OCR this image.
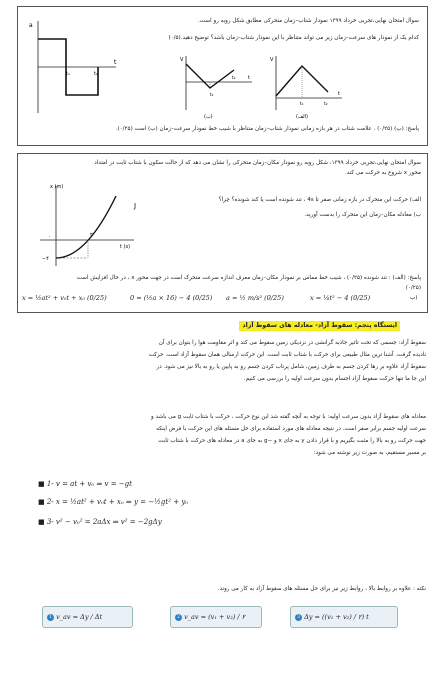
سوال امتحان نهایی،تجربی خرداد ۱۳۹۹ نمودار شتاب–زمان متحرکی مطابق شکل روبه رو است.
کدام یک از نمودار های سرعت–زمان زیر می تواند متناظر با این نمودار شتاب–زمان باشد؟ توضیح دهید.(۰/۵)
a
t
t₁	t₂
V
t
t₁
t₂
(ب)
V
t
t₁	t₂
(الف)
پاسخ: (ب) (۰/۲۵) . علامت شتاب در هر بازه زمانی نمودار شتاب–زمان متناظر با شیب خط نمودار سرعت–زمان (ب) است (۰/۲۵).
سوال امتحان نهایی،تجربی خرداد ۱۳۹۹، شکل روبه رو نمودار مکان–زمان متحرکی را نشان می دهد که از حالت سکون با شتاب ثابت در امتداد
محور x شروع به حرکت می کند.
x (m)
t (s)
J
۰
−۴
۲
الف) حرکت این متحرک در بازه زمانی صفر تا 4s ، تند شونده است یا کند شونده؟ چرا؟
ب) معادله مکان–زمان این متحرک را بدست آورید.
پاسخ: (الف) : تند شونده (۰/۲۵) ، شیب خط مماس بر نمودار مکان–زمان معرف اندازه سرعت متحرک است در جهت محور x ، در حال افزایش است
(۰/۲۵)
x = ½at² + v₀t + x₀ (0/25)	0 = (½a × 16) − 4 (0/25) a = ½ m/s² (0/25)	x = ¼t² − 4 (0/25)	ب)
ایستگاه پنجم: سقوط آزاد- معادله های سقوط آزاد
سقوط آزاد: جسمی که تحت تاثیر جاذبه گرانشی در نزدیکی زمین سقوط می کند و اثر مقاومت هوا را بتوان برای آن
نادیده گرفت. آشنا ترین مثال طبیعی برای حرکت با شتاب ثابت است. این حرکت ارسالی همان سقوط آزاد است. حرکت
سقوط آزاد علاوه بر رها کردن جسم به طرف زمین، شامل پرتاب کردن جسم رو به پایین یا رو به بالا نیز می شود. در
این جا ما تنها حرکت سقوط آزاد اجسام بدون سرعت اولیه را بررسی می کنیم.
معادله های سقوط آزاد بدون سرعت اولیه: با توجه به آنچه گفته شد این نوع حرکت ، حرکت با شتاب ثابت g می باشد و
سرعت اولیه جسم برابر صفر است. در نتیجه معادله های مورد استفاده برای حل مسئله های این حرکت با فرض اینکه
جهت حرکت رو به بالا را مثبت بگیریم و با قرار دادن y به جای x و −g به جای a در معادله های حرکت با شتاب ثابت
بر مسیر مستقیم، به صورت زیر نوشته می شود:
■ 1- v = at + v₀ ⇒ v = −gt
■ 2- x = ½at² + v₀t + x₀ ⇒ y = −½gt² + y₀
■ 3- v² − v₀² = 2aΔx ⇒ v² = −2gΔy
نکته : علاوه بر روابط بالا ، روابط زیر نیز برای حل مسئله های سقوط آزاد به کار می روند.
1 v_av = Δy / Δt	2 v_av = (v₁ + v₂) / ۲	3 Δy = ((v₁ + v₂) / ۲) t
